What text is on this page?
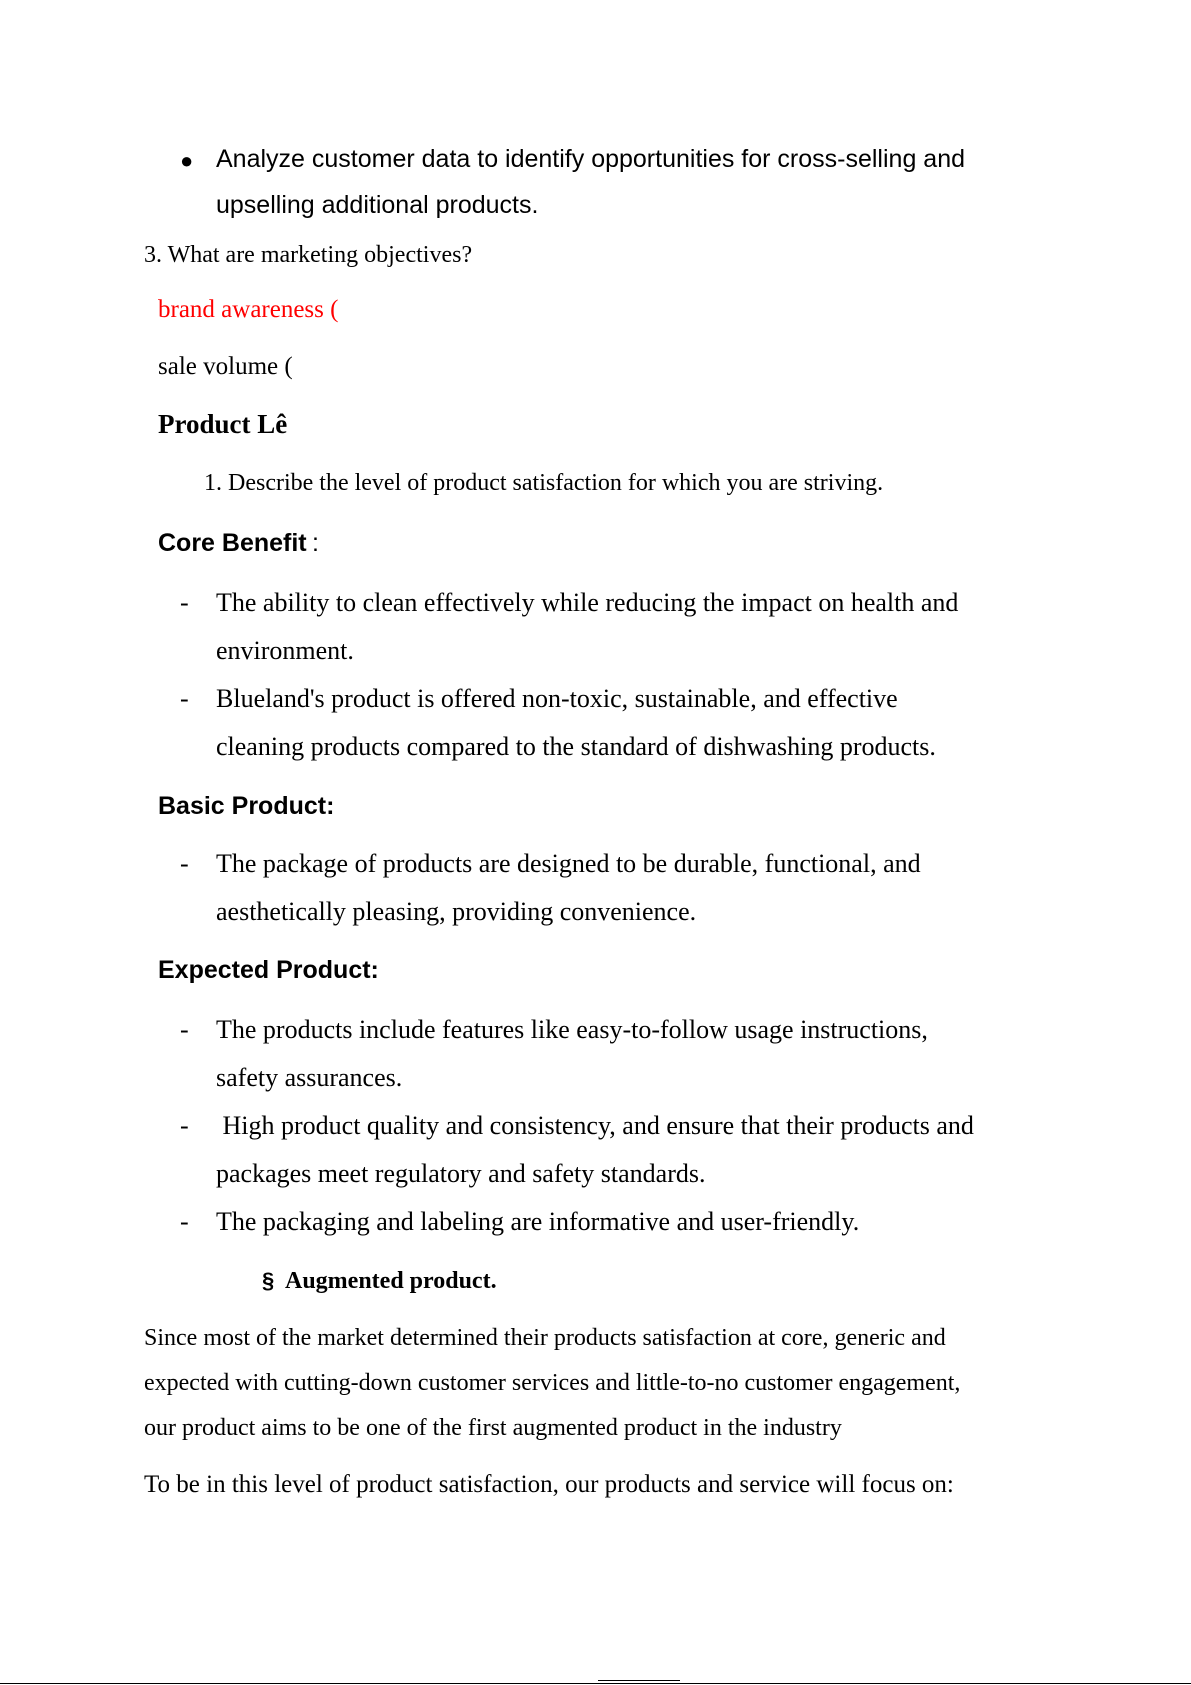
● Analyze customer data to identify opportunities for cross-selling and
upselling additional products.
3. What are marketing objectives?
brand awareness (
sale volume (
Product Lê
1. Describe the level of product satisfaction for which you are striving.
Core Benefit :
- The ability to clean effectively while reducing the impact on health and
environment.
- Blueland's product is offered non-toxic, sustainable, and effective
cleaning products compared to the standard of dishwashing products.
Basic Product:
- The package of products are designed to be durable, functional, and
aesthetically pleasing, providing convenience.
Expected Product:
- The products include features like easy-to-follow usage instructions,
safety assurances.
- High product quality and consistency, and ensure that their products and
packages meet regulatory and safety standards.
- The packaging and labeling are informative and user-friendly.
§ Augmented product.
Since most of the market determined their products satisfaction at core, generic and
expected with cutting-down customer services and little-to-no customer engagement,
our product aims to be one of the first augmented product in the industry
To be in this level of product satisfaction, our products and service will focus on:
